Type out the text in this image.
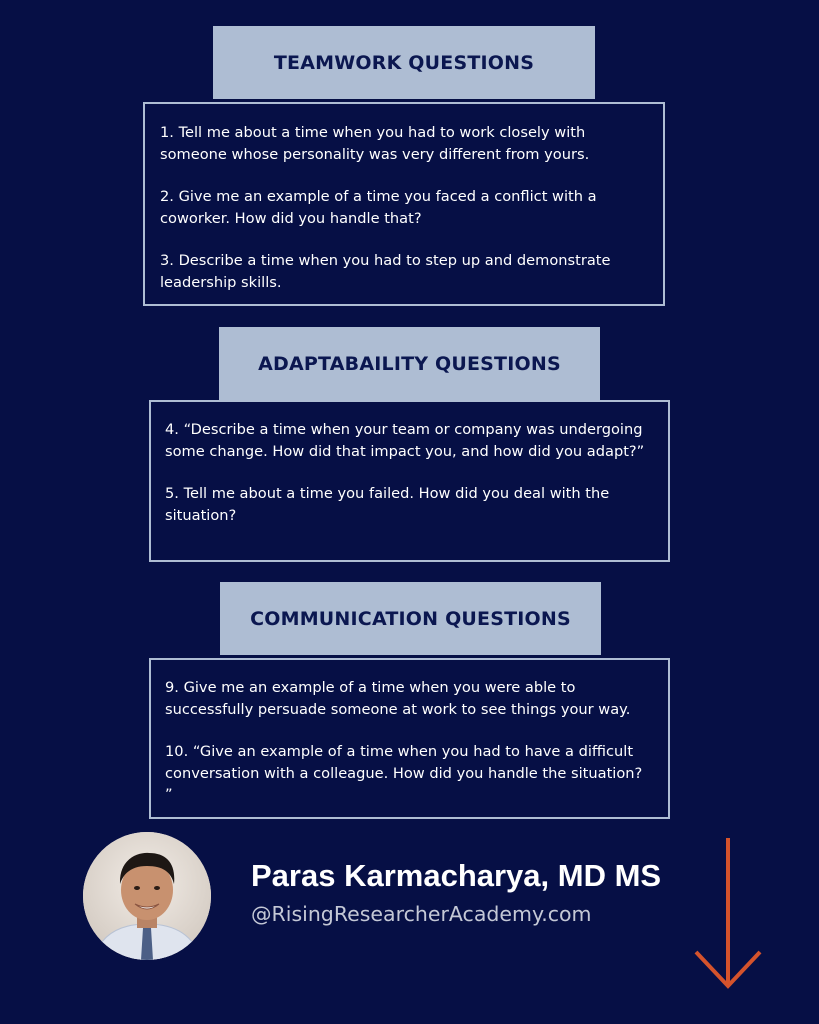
TEAMWORK QUESTIONS

1. Tell me about a time when you had to work closely with someone whose personality was very different from yours.

2. Give me an example of a time you faced a conflict with a coworker. How did you handle that?

3. Describe a time when you had to step up and demonstrate leadership skills.

ADAPTABAILITY QUESTIONS

4. “Describe a time when your team or company was undergoing some change. How did that impact you, and how did you adapt?”

5. Tell me about a time you failed. How did you deal with the situation?

COMMUNICATION QUESTIONS

9. Give me an example of a time when you were able to successfully persuade someone at work to see things your way.

10. “Give an example of a time when you had to have a difficult conversation with a colleague. How did you handle the situation? ”

Paras Karmacharya, MD MS
@RisingResearcherAcademy.com
